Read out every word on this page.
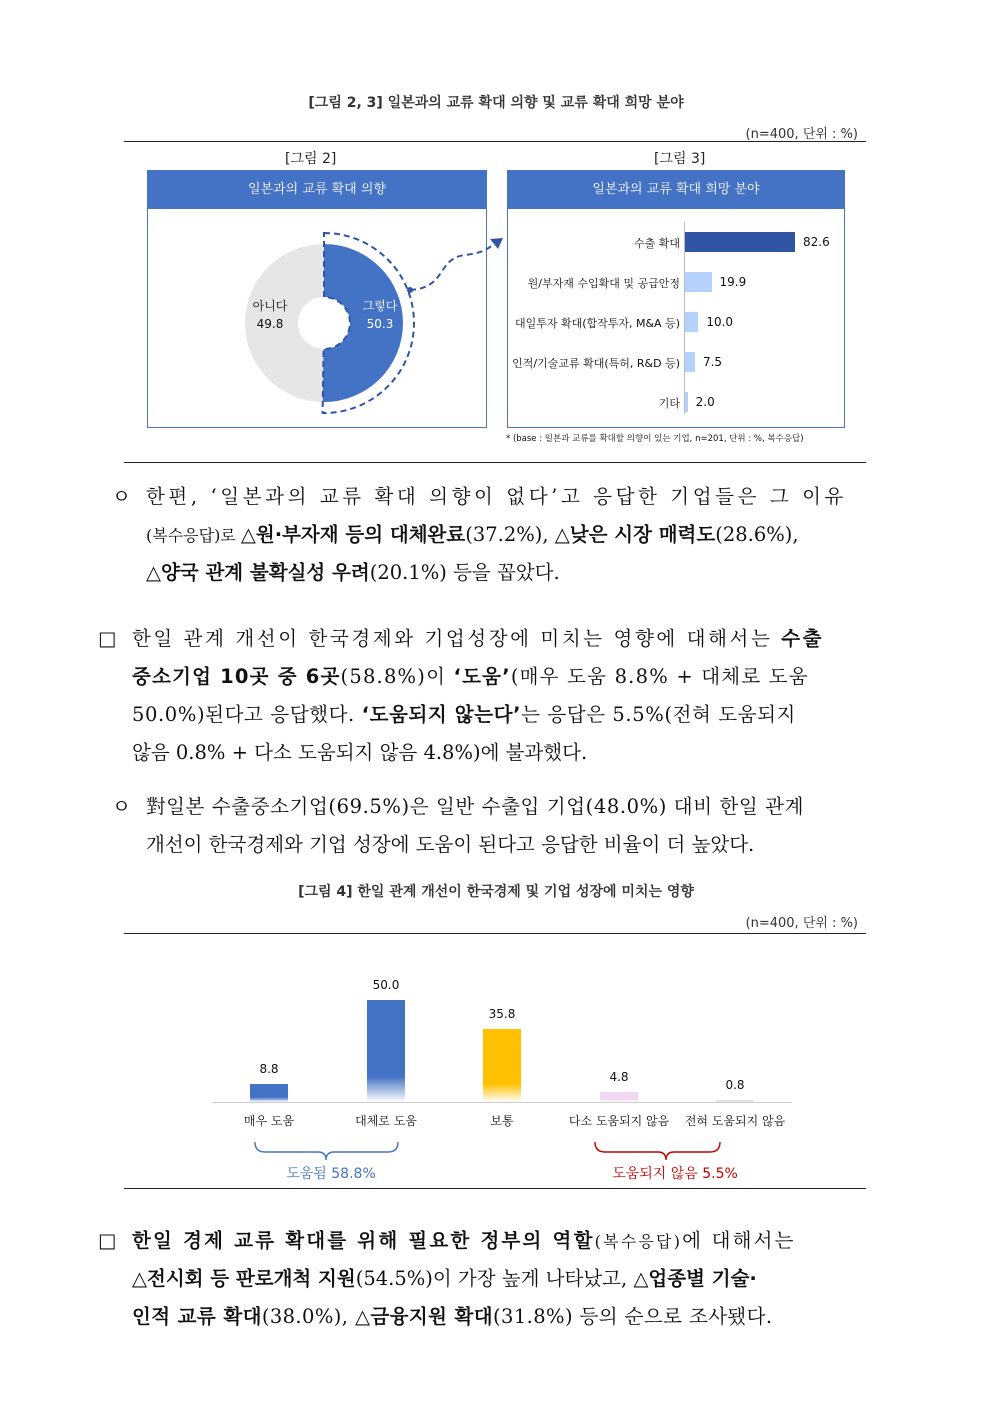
[그림 2, 3] 일본과의 교류 확대 의향 및 교류 확대 희망 분야
(n=400, 단위 : %)
[그림 2]	[그림 3]
일본과의 교류 확대 의향	일본과의 교류 확대 희망 분야
아니다
49.8
그렇다
50.3
수출 확대	82.6
원/부자재 수입확대 및 공급안정	19.9
대일투자 확대(합작투자, M&A 등) 10.0
인적/기술교류 확대(특허, R&D 등) 7.5
기타 2.0
* (base : 일본과 교류를 확대할 의향이 있는 기업, n=201, 단위 : %, 복수응답)
ㅇ 한편, ‘일본과의 교류 확대 의향이 없다’고 응답한 기업들은 그 이유
(복수응답)로 △원·부자재 등의 대체완료(37.2%), △낮은 시장 매력도(28.6%),
△양국 관계 불확실성 우려(20.1%) 등을 꼽았다.
□ 한일 관계 개선이 한국경제와 기업성장에 미치는 영향에 대해서는 수출
중소기업 10곳 중 6곳(58.8%)이 ‘도움’(매우 도움 8.8% + 대체로 도움
50.0%)된다고 응답했다. ‘도움되지 않는다’는 응답은 5.5%(전혀 도움되지
않음 0.8% + 다소 도움되지 않음 4.8%)에 불과했다.
ㅇ 對일본 수출중소기업(69.5%)은 일반 수출입 기업(48.0%) 대비 한일 관계
개선이 한국경제와 기업 성장에 도움이 된다고 응답한 비율이 더 높았다.
[그림 4] 한일 관계 개선이 한국경제 및 기업 성장에 미치는 영향
(n=400, 단위 : %)
8.8
매우 도움
50.0
대체로 도움
35.8
보통
4.8
다소 도움되지 않음
0.8
전혀 도움되지 않음
도움됨 58.8%	도움되지 않음 5.5%
□ 한일 경제 교류 확대를 위해 필요한 정부의 역할(복수응답)에 대해서는
△전시회 등 판로개척 지원(54.5%)이 가장 높게 나타났고, △업종별 기술·
인적 교류 확대(38.0%), △금융지원 확대(31.8%) 등의 순으로 조사됐다.
